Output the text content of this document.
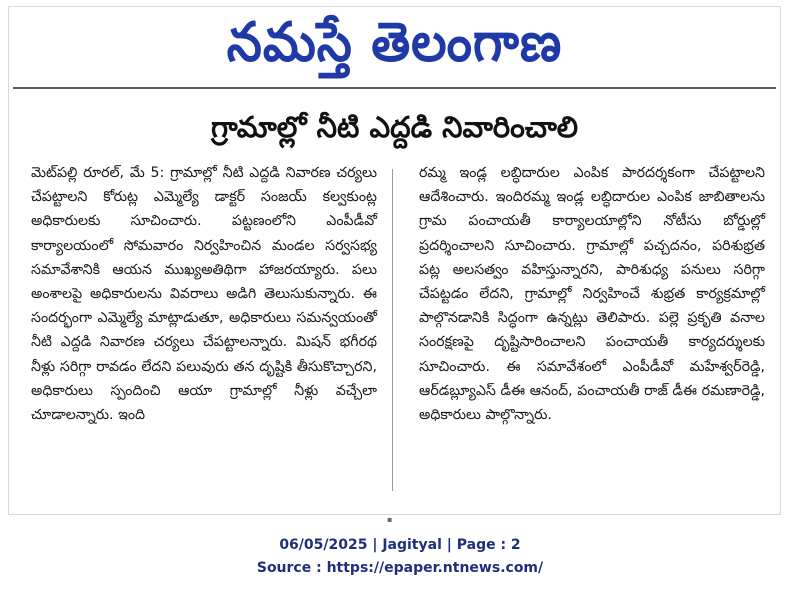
నమస్తే తెలంగాణ
గ్రామాల్లో నీటి ఎద్దడి నివారించాలి
మెట్‌పల్లి రూరల్, మే 5: గ్రామాల్లో నీటి ఎద్దడి నివారణ చర్యలు చేపట్టాలని కోరుట్ల ఎమ్మెల్యే డాక్టర్ సంజయ్ కల్వకుంట్ల అధికారులకు సూచించారు. పట్టణంలోని ఎంపీడీవో కార్యాలయంలో సోమవారం నిర్వహించిన మండల సర్వసభ్య సమావేశానికి ఆయన ముఖ్యఅతిథిగా హాజరయ్యారు. పలు అంశాలపై అధికారులను వివరాలు అడిగి తెలుసుకున్నారు. ఈ సందర్భంగా ఎమ్మెల్యే మాట్లాడుతూ, అధికారులు సమన్వయంతో నీటి ఎద్దడి నివారణ చర్యలు చేపట్టాలన్నారు. మిషన్ భగీరథ నీళ్లు సరిగ్గా రావడం లేదని పలువురు తన దృష్టికి తీసుకొచ్చారని, అధికారులు స్పందించి ఆయా గ్రామాల్లో నీళ్లు వచ్చేలా చూడాలన్నారు. ఇంది
రమ్మ ఇండ్ల లబ్ధిదారుల ఎంపిక పారదర్శకంగా చేపట్టాలని ఆదేశించారు. ఇందిరమ్మ ఇండ్ల లబ్ధిదారుల ఎంపిక జాబితాలను గ్రామ పంచాయతీ కార్యాలయాల్లోని నోటీసు బోర్డుల్లో ప్రదర్శించాలని సూచించారు. గ్రామాల్లో పచ్చదనం, పరిశుభ్రత పట్ల అలసత్వం వహిస్తున్నారని, పారిశుధ్య పనులు సరిగ్గా చేపట్టడం లేదని, గ్రామాల్లో నిర్వహించే శుభ్రత కార్యక్రమాల్లో పాల్గొనడానికి సిద్ధంగా ఉన్నట్లు తెలిపారు. పల్లె ప్రకృతి వనాల సంరక్షణపై దృష్టిసారించాలని పంచాయతీ కార్యదర్శులకు సూచించారు. ఈ సమావేశంలో ఎంపీడీవో మహేశ్వర్‌రెడ్డి, ఆర్‌డబ్ల్యూఎస్ డీఈ ఆనంద్, పంచాయతీ రాజ్ డీఈ రమణారెడ్డి, అధికారులు పాల్గొన్నారు.
▪
06/05/2025 | Jagityal | Page : 2
Source : https://epaper.ntnews.com/
